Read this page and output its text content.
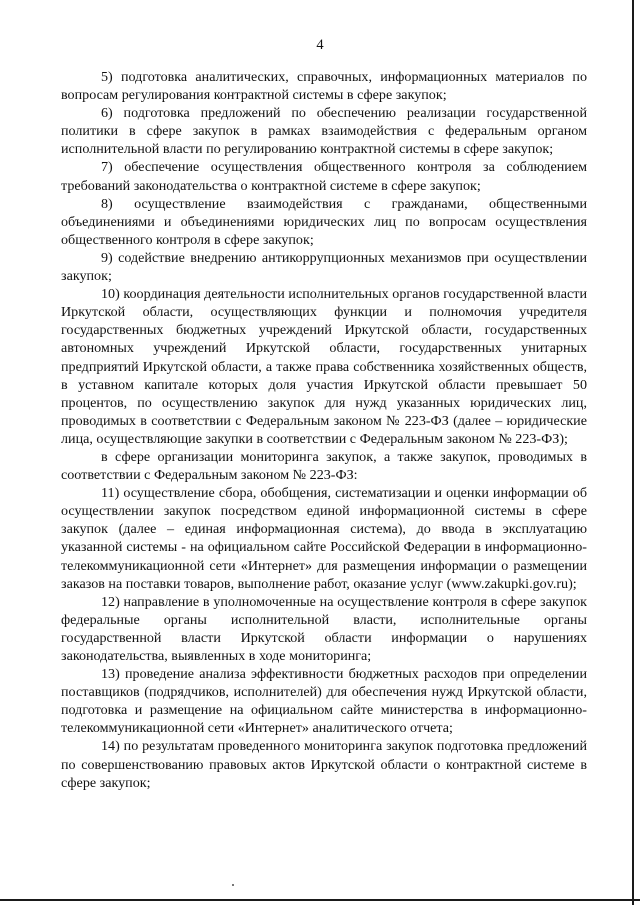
4

5) подготовка аналитических, справочных, информационных материалов по вопросам регулирования контрактной системы в сфере закупок;

6) подготовка предложений по обеспечению реализации государственной политики в сфере закупок в рамках взаимодействия с федеральным органом исполнительной власти по регулированию контрактной системы в сфере закупок;

7) обеспечение осуществления общественного контроля за соблюдением требований законодательства о контрактной системе в сфере закупок;

8) осуществление взаимодействия с гражданами, общественными объединениями и объединениями юридических лиц по вопросам осуществления общественного контроля в сфере закупок;

9) содействие внедрению антикоррупционных механизмов при осуществлении закупок;

10) координация деятельности исполнительных органов государственной власти Иркутской области, осуществляющих функции и полномочия учредителя государственных бюджетных учреждений Иркутской области, государственных автономных учреждений Иркутской области, государственных унитарных предприятий Иркутской области, а также права собственника хозяйственных обществ, в уставном капитале которых доля участия Иркутской области превышает 50 процентов, по осуществлению закупок для нужд указанных юридических лиц, проводимых в соответствии с Федеральным законом № 223-ФЗ (далее – юридические лица, осуществляющие закупки в соответствии с Федеральным законом № 223-ФЗ);

в сфере организации мониторинга закупок, а также закупок, проводимых в соответствии с Федеральным законом № 223-ФЗ:

11) осуществление сбора, обобщения, систематизации и оценки информации об осуществлении закупок посредством единой информационной системы в сфере закупок (далее – единая информационная система), до ввода в эксплуатацию указанной системы - на официальном сайте Российской Федерации в информационно-телекоммуникационной сети «Интернет» для размещения информации о размещении заказов на поставки товаров, выполнение работ, оказание услуг (www.zakupki.gov.ru);

12) направление в уполномоченные на осуществление контроля в сфере закупок федеральные органы исполнительной власти, исполнительные органы государственной власти Иркутской области информации о нарушениях законодательства, выявленных в ходе мониторинга;

13) проведение анализа эффективности бюджетных расходов при определении поставщиков (подрядчиков, исполнителей) для обеспечения нужд Иркутской области, подготовка и размещение на официальном сайте министерства в информационно-телекоммуникационной сети «Интернет» аналитического отчета;

14) по результатам проведенного мониторинга закупок подготовка предложений по совершенствованию правовых актов Иркутской области о контрактной системе в сфере закупок;
